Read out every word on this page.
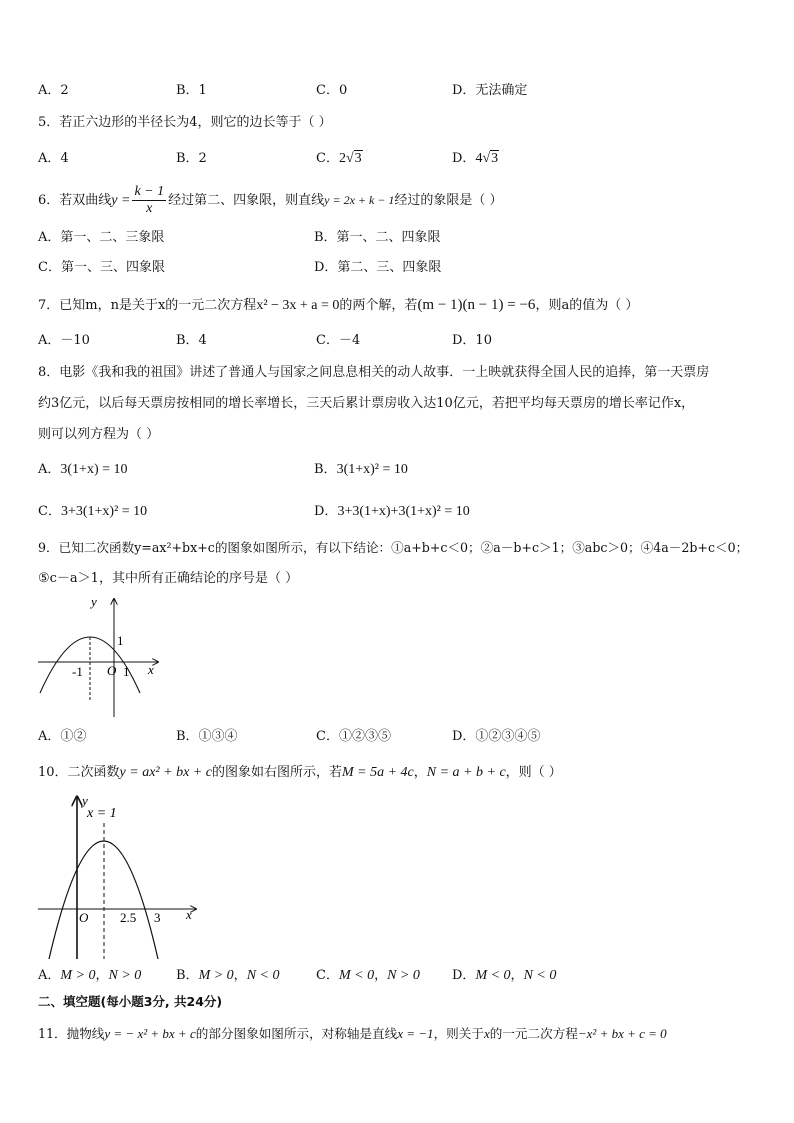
A．2	B．1	C．0	D．无法确定
5．若正六边形的半径长为4，则它的边长等于（ ）
A．4	B．2	C．2√3	D．4√3
6．若双曲线$y = \frac{k - 1}{x}$ 经过第二、四象限，则直线y = 2x + k − 1经过的象限是（ ）
A．第一、二、三象限	B．第一、二、四象限
C．第一、三、四象限	D．第二、三、四象限
7．已知m，n是关于x的一元二次方程x² − 3x + a = 0的两个解，若(m − 1)(n − 1) = −6，则a的值为（ ）
A．－10	B．4	C．－4	D．10
8．电影《我和我的祖国》讲述了普通人与国家之间息息相关的动人故事．一上映就获得全国人民的追捧，第一天票房
约3亿元，以后每天票房按相同的增长率增长，三天后累计票房收入达10亿元，若把平均每天票房的增长率记作x，
则可以列方程为（ ）
A．3(1+x) = 10	B．3(1+x)² = 10
C．3+3(1+x)² = 10	D．3+3(1+x)+3(1+x)² = 10
9．已知二次函数y=ax²+bx+c的图象如图所示，有以下结论：①a+b+c＜0；②a－b+c＞1；③abc＞0；④4a－2b+c＜0；
⑤c－a＞1，其中所有正确结论的序号是（ ）
y
x
O
-1	1
1
A．①②	B．①③④	C．①②③⑤	D．①②③④⑤
10．二次函数y = ax² + bx + c的图象如右图所示，若M = 5a + 4c，N = a + b + c，则（ ）
y
x = 1
x
O 2.5 3
A．M > 0，N > 0	B．M > 0，N < 0	C．M < 0，N > 0 D．M < 0，N < 0
二、填空题(每小题3分, 共24分)
11．抛物线y = − x² + bx + c的部分图象如图所示，对称轴是直线x = −1，则关于x的一元二次方程−x² + bx + c = 0
